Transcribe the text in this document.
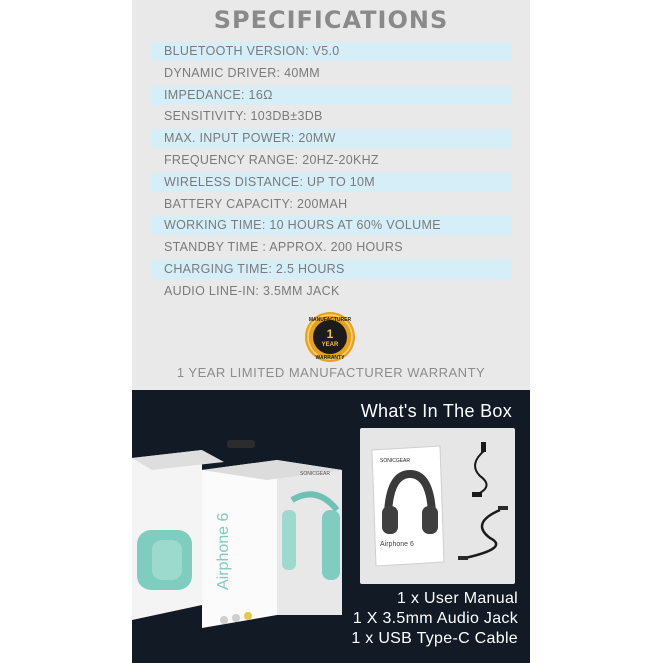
SPECIFICATIONS
BLUETOOTH VERSION: V5.0
DYNAMIC DRIVER: 40MM
IMPEDANCE: 16Ω
SENSITIVITY: 103DB±3DB
MAX. INPUT POWER: 20MW
FREQUENCY RANGE: 20HZ-20KHZ
WIRELESS DISTANCE: UP TO 10M
BATTERY CAPACITY: 200MAH
WORKING TIME: 10 HOURS AT 60% VOLUME
STANDBY TIME : APPROX. 200 HOURS
CHARGING TIME: 2.5 HOURS
AUDIO LINE-IN: 3.5MM JACK
MANUFACTURER
1
YEAR
WARRANTY
1 YEAR LIMITED MANUFACTURER WARRANTY
What's In The Box
Airphone 6
SONICGEAR
SONICGEAR
Airphone 6
1 x User Manual
1 X 3.5mm Audio Jack
1 x USB Type-C Cable
